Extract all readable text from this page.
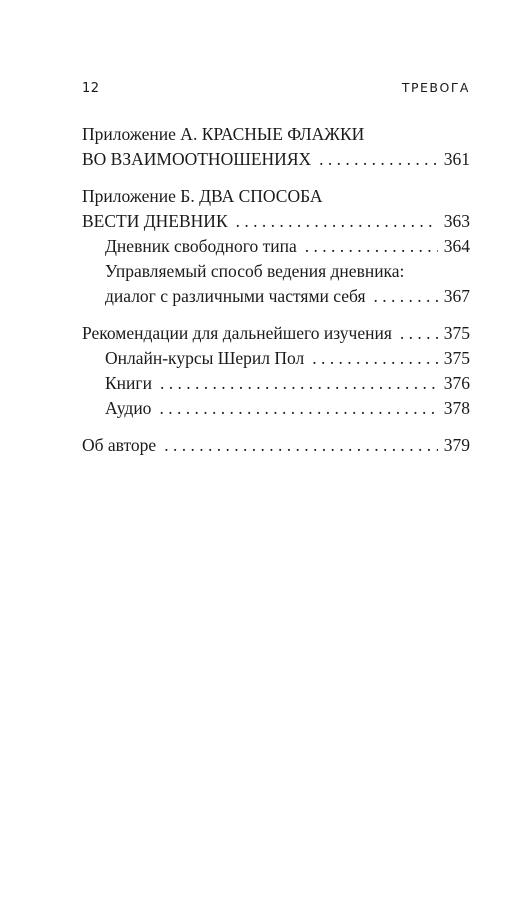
12	ТРЕВОГА
Приложение А. КРАСНЫЕ ФЛАЖКИ
ВО ВЗАИМООТНОШЕНИЯХ . . .	361
Приложение Б. ДВА СПОСОБА
ВЕСТИ ДНЕВНИК . . .	363
Дневник свободного типа . . .	364
Управляемый способ ведения дневника:
диалог с различными частями себя . . .	367
Рекомендации для дальнейшего изучения . . .	375
Онлайн-курсы Шерил Пол . . .	375
Книги . . .	376
Аудио . . .	378
Об авторе . . .	379
